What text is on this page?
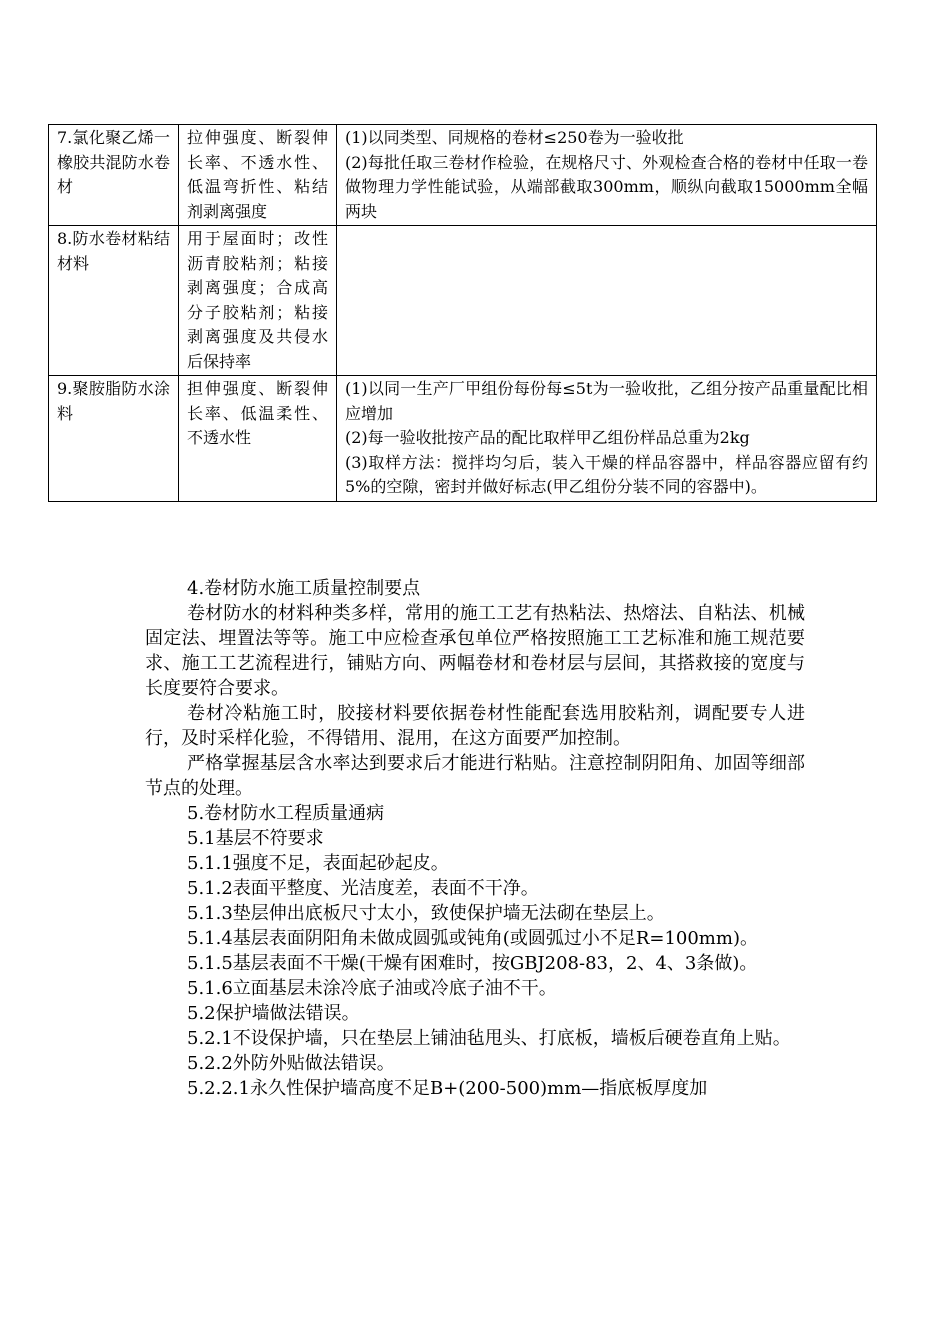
7.氯化聚乙烯一橡胶共混防水卷材	拉伸强度、断裂伸长率、不透水性、低温弯折性、粘结剂剥离强度	(1)以同类型、同规格的卷材≤250卷为一验收批
(2)每批任取三卷材作检验，在规格尺寸、外观检查合格的卷材中任取一卷做物理力学性能试验，从端部截取300mm，顺纵向截取15000mm全幅两块

8.防水卷材粘结材料	用于屋面时；改性沥青胶粘剂；粘接剥离强度；合成高分子胶粘剂；粘接剥离强度及共侵水后保持率	
9.聚胺脂防水涂料	担伸强度、断裂伸长率、低温柔性、不透水性	(1)以同一生产厂甲组份每份每≤5t为一验收批，乙组分按产品重量配比相应增加
(2)每一验收批按产品的配比取样甲乙组份样品总重为2kg
(3)取样方法：搅拌均匀后，装入干燥的样品容器中，样品容器应留有约5%的空隙，密封并做好标志(甲乙组份分装不同的容器中)。

4.卷材防水施工质量控制要点

卷材防水的材料种类多样，常用的施工工艺有热粘法、热熔法、自粘法、机械固定法、埋置法等等。施工中应检查承包单位严格按照施工工艺标准和施工规范要求、施工工艺流程进行，铺贴方向、两幅卷材和卷材层与层间，其搭救接的宽度与长度要符合要求。

卷材冷粘施工时，胶接材料要依据卷材性能配套选用胶粘剂，调配要专人进行，及时采样化验，不得错用、混用，在这方面要严加控制。

严格掌握基层含水率达到要求后才能进行粘贴。注意控制阴阳角、加固等细部节点的处理。

5.卷材防水工程质量通病

5.1基层不符要求

5.1.1强度不足，表面起砂起皮。

5.1.2表面平整度、光洁度差，表面不干净。

5.1.3垫层伸出底板尺寸太小，致使保护墙无法砌在垫层上。

5.1.4基层表面阴阳角未做成圆弧或钝角(或圆弧过小不足R=100mm)。

5.1.5基层表面不干燥(干燥有困难时，按GBJ208-83，2、4、3条做)。

5.1.6立面基层未涂冷底子油或冷底子油不干。

5.2保护墙做法错误。

5.2.1不设保护墙，只在垫层上铺油毡甩头、打底板，墙板后硬卷直角上贴。

5.2.2外防外贴做法错误。

5.2.2.1永久性保护墙高度不足B+(200-500)mm—指底板厚度加
